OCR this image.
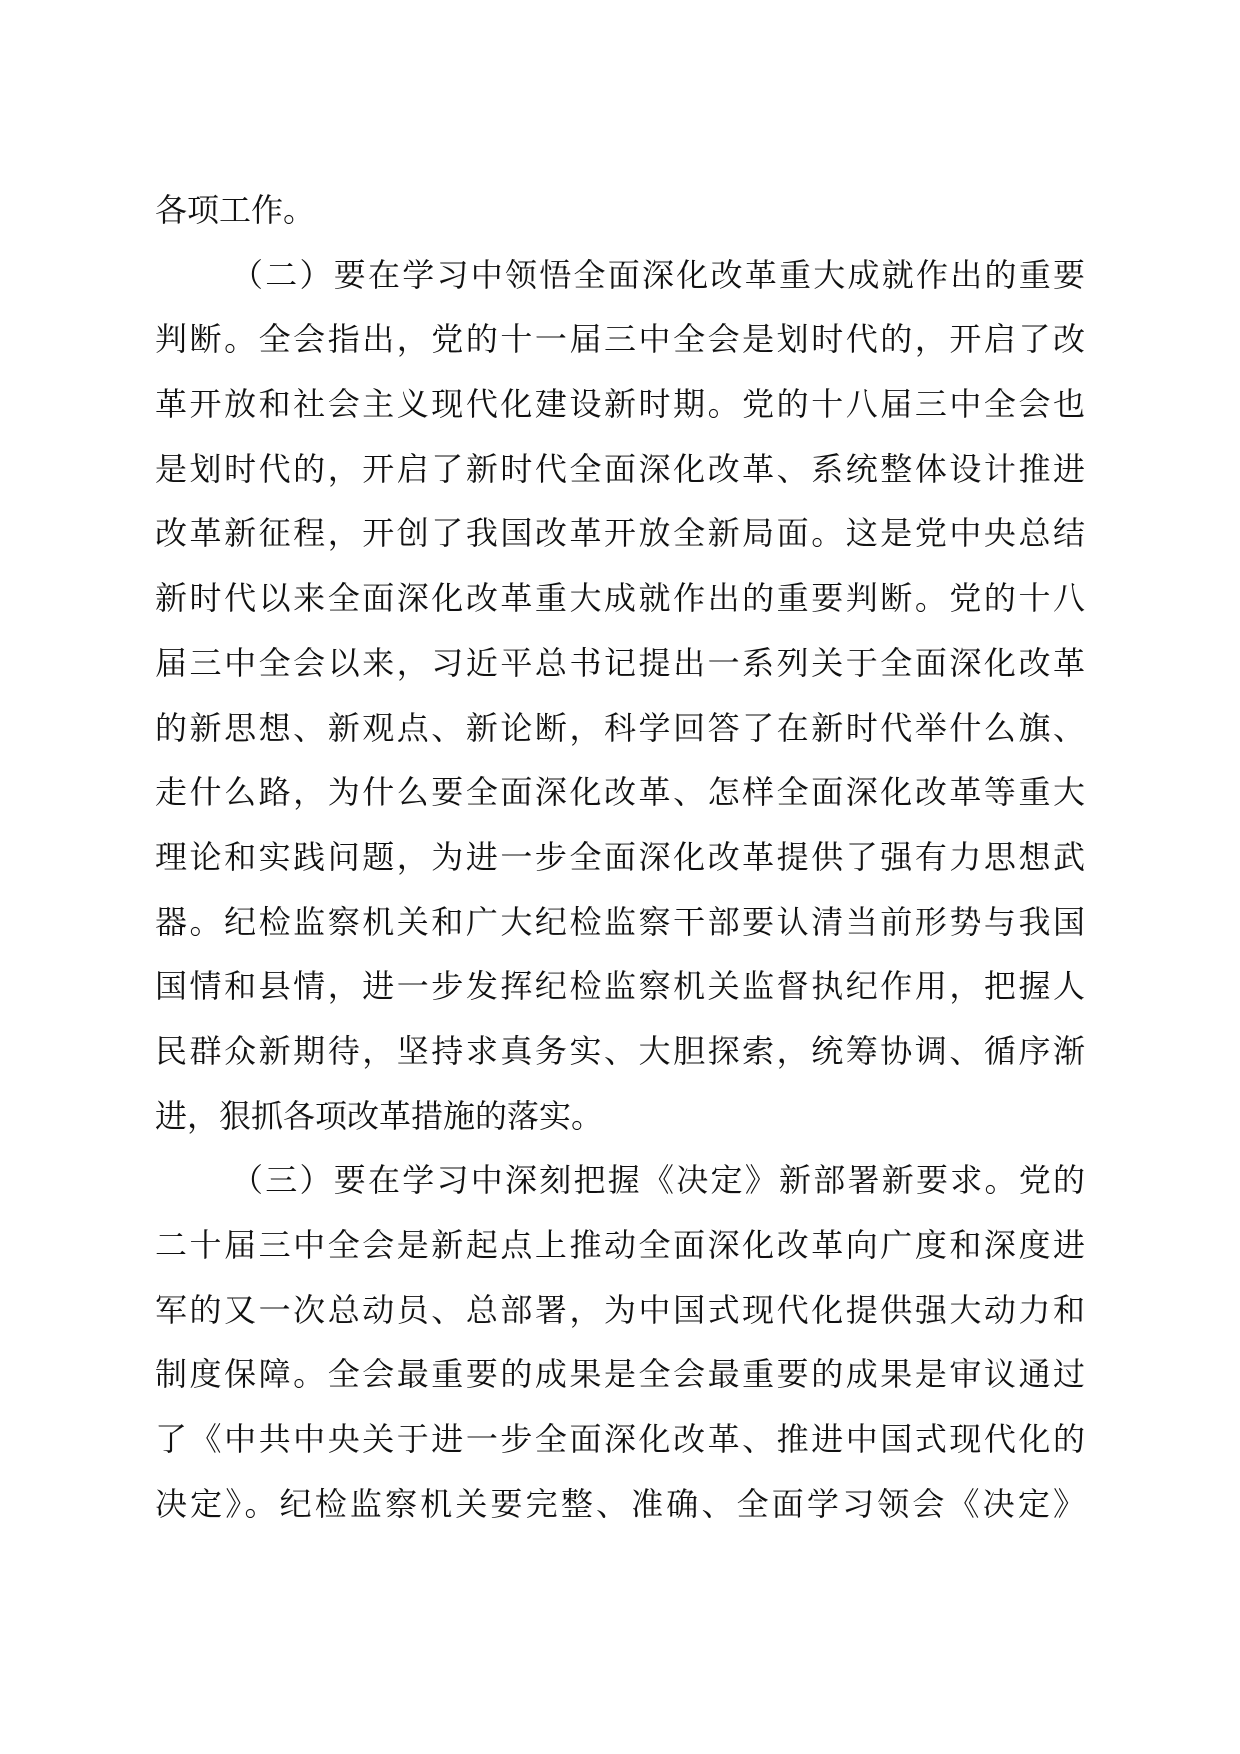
各项工作。
（二）要在学习中领悟全面深化改革重大成就作出的重要
判断。全会指出，党的十一届三中全会是划时代的，开启了改
革开放和社会主义现代化建设新时期。党的十八届三中全会也
是划时代的，开启了新时代全面深化改革、系统整体设计推进
改革新征程，开创了我国改革开放全新局面。这是党中央总结
新时代以来全面深化改革重大成就作出的重要判断。党的十八
届三中全会以来，习近平总书记提出一系列关于全面深化改革
的新思想、新观点、新论断，科学回答了在新时代举什么旗、
走什么路，为什么要全面深化改革、怎样全面深化改革等重大
理论和实践问题，为进一步全面深化改革提供了强有力思想武
器。纪检监察机关和广大纪检监察干部要认清当前形势与我国
国情和县情，进一步发挥纪检监察机关监督执纪作用，把握人
民群众新期待，坚持求真务实、大胆探索，统筹协调、循序渐
进，狠抓各项改革措施的落实。
（三）要在学习中深刻把握《决定》新部署新要求。党的
二十届三中全会是新起点上推动全面深化改革向广度和深度进
军的又一次总动员、总部署，为中国式现代化提供强大动力和
制度保障。全会最重要的成果是全会最重要的成果是审议通过
了《中共中央关于进一步全面深化改革、推进中国式现代化的
决定》。纪检监察机关要完整、准确、全面学习领会《决定》
